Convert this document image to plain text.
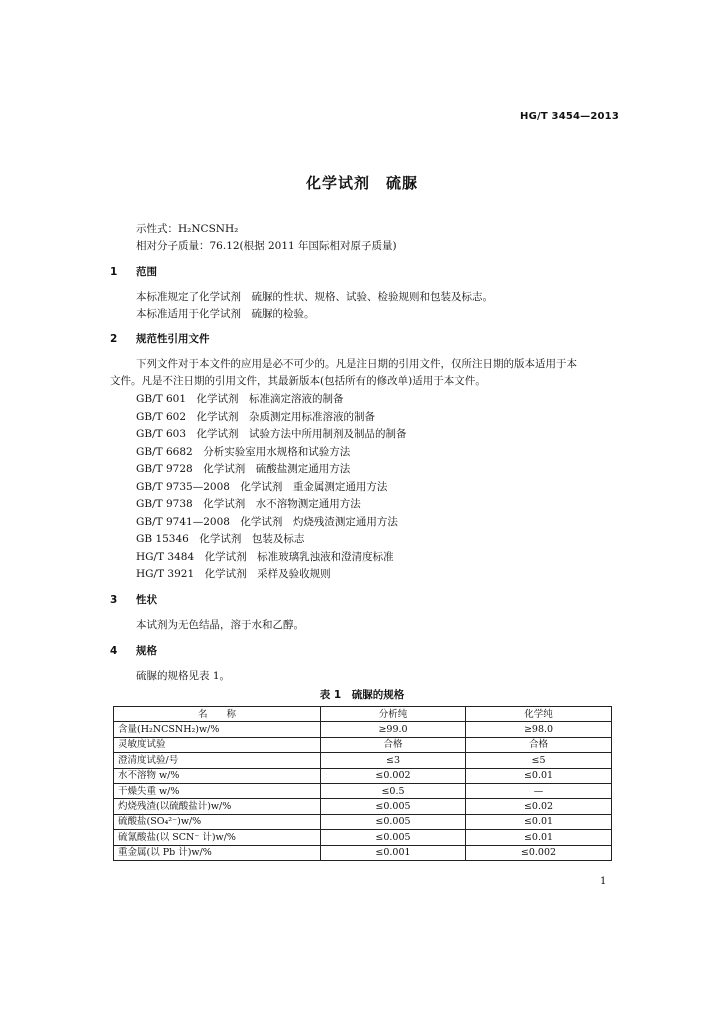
HG/T 3454—2013
化学试剂　硫脲
示性式：H₂NCSNH₂
相对分子质量：76.12(根据 2011 年国际相对原子质量)
1 范围
本标准规定了化学试剂　硫脲的性状、规格、试验、检验规则和包装及标志。
本标准适用于化学试剂　硫脲的检验。
2 规范性引用文件
下列文件对于本文件的应用是必不可少的。凡是注日期的引用文件，仅所注日期的版本适用于本
文件。凡是不注日期的引用文件，其最新版本(包括所有的修改单)适用于本文件。
GB/T 601　化学试剂　标准滴定溶液的制备
GB/T 602　化学试剂　杂质测定用标准溶液的制备
GB/T 603　化学试剂　试验方法中所用制剂及制品的制备
GB/T 6682　分析实验室用水规格和试验方法
GB/T 9728　化学试剂　硫酸盐测定通用方法
GB/T 9735—2008　化学试剂　重金属测定通用方法
GB/T 9738　化学试剂　水不溶物测定通用方法
GB/T 9741—2008　化学试剂　灼烧残渣测定通用方法
GB 15346　化学试剂　包装及标志
HG/T 3484　化学试剂　标准玻璃乳浊液和澄清度标准
HG/T 3921　化学试剂　采样及验收规则
3 性状
本试剂为无色结晶，溶于水和乙醇。
4 规格
硫脲的规格见表 1。
表 1　硫脲的规格
名　　称	分析纯	化学纯
含量(H₂NCSNH₂)w/%	≥99.0	≥98.0
灵敏度试验	合格	合格
澄清度试验/号	≤3	≤5
水不溶物 w/%	≤0.002	≤0.01
干燥失重 w/%	≤0.5	—
灼烧残渣(以硫酸盐计)w/%	≤0.005	≤0.02
硫酸盐(SO₄²⁻)w/%	≤0.005	≤0.01
硫氰酸盐(以 SCN⁻ 计)w/%	≤0.005	≤0.01
重金属(以 Pb 计)w/%	≤0.001	≤0.002
1
